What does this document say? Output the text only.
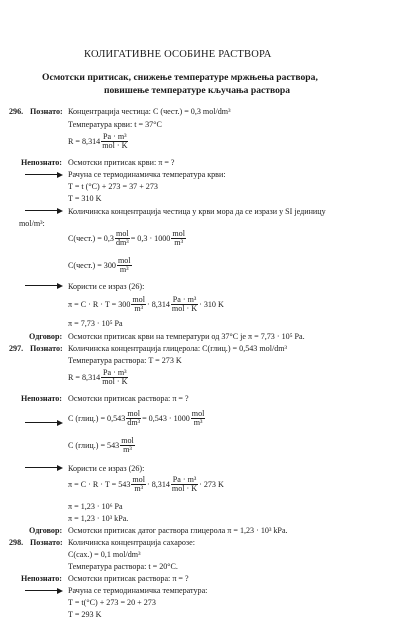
КОЛИГАТИВНЕ ОСОБИНЕ РАСТВОРА
Осмотски притисак, снижење температуре мржњења раствора,
повишење температуре кључања раствора
296. Познато: Концентрација честица: C (чест.) = 0,3 mol/dm³
Температура крви: t = 37°C
$R = 8,314 \frac{\text{Pa · m³}}{\text{mol · K}}$
Непознато: Осмотски притисак крви: π = ?
Рачуна се термодинамичка температура крви:
T = t (°C) + 273 = 37 + 273
T = 310 K
Количинска концентрација честица у крви мора да се изрази у SI јединицу
mol/m³:
C(чест.) = $0,3 \frac{\text{mol}}{\text{dm³}} = 0,3 \cdot 1000 \frac{\text{mol}}{\text{m³}}$
C(чест.) = $300 \frac{\text{mol}}{\text{m³}}$
Користи се израз (26):
$\pi = C \cdot R \cdot T = 300 \frac{\text{mol}}{\text{m³}} \cdot 8,314 \frac{\text{Pa · m³}}{\text{mol · K}} \cdot 310$ K
π = 7,73 · 10⁵ Pa
Одговор: Осмотски притисак крви на температури од 37°C је π = 7,73 · 10⁵ Pa.
297. Познато: Количинска концентрација глицерола: C(глиц.) = 0,543 mol/dm³
Температура раствора: T = 273 K
$R = 8,314 \frac{\text{Pa · m³}}{\text{mol · K}}$
Непознато: Осмотски притисак раствора: π = ?
C (глиц.) = $0,543 \frac{\text{mol}}{\text{dm³}} = 0,543 \cdot 1000 \frac{\text{mol}}{\text{m³}}$
C (глиц.) = $543 \frac{\text{mol}}{\text{m³}}$
Користи се израз (26):
$\pi = C \cdot R \cdot T = 543 \frac{\text{mol}}{\text{m³}} \cdot 8,314 \frac{\text{Pa · m³}}{\text{mol · K}} \cdot 273$ K
π = 1,23 · 10⁶ Pa
π = 1,23 · 10³ kPa.
Одговор: Осмотски притисак датог раствора глицерола π = 1,23 · 10³ kPa.
298. Познато: Количинска концентрација сахарозе:
C(сах.) = 0,1 mol/dm³
Температура раствора: t = 20°C.
Непознато: Осмотски притисак раствора: π = ?
Рачуна се термодинамичка температура:
T = t(°C) + 273 = 20 + 273
T = 293 K
